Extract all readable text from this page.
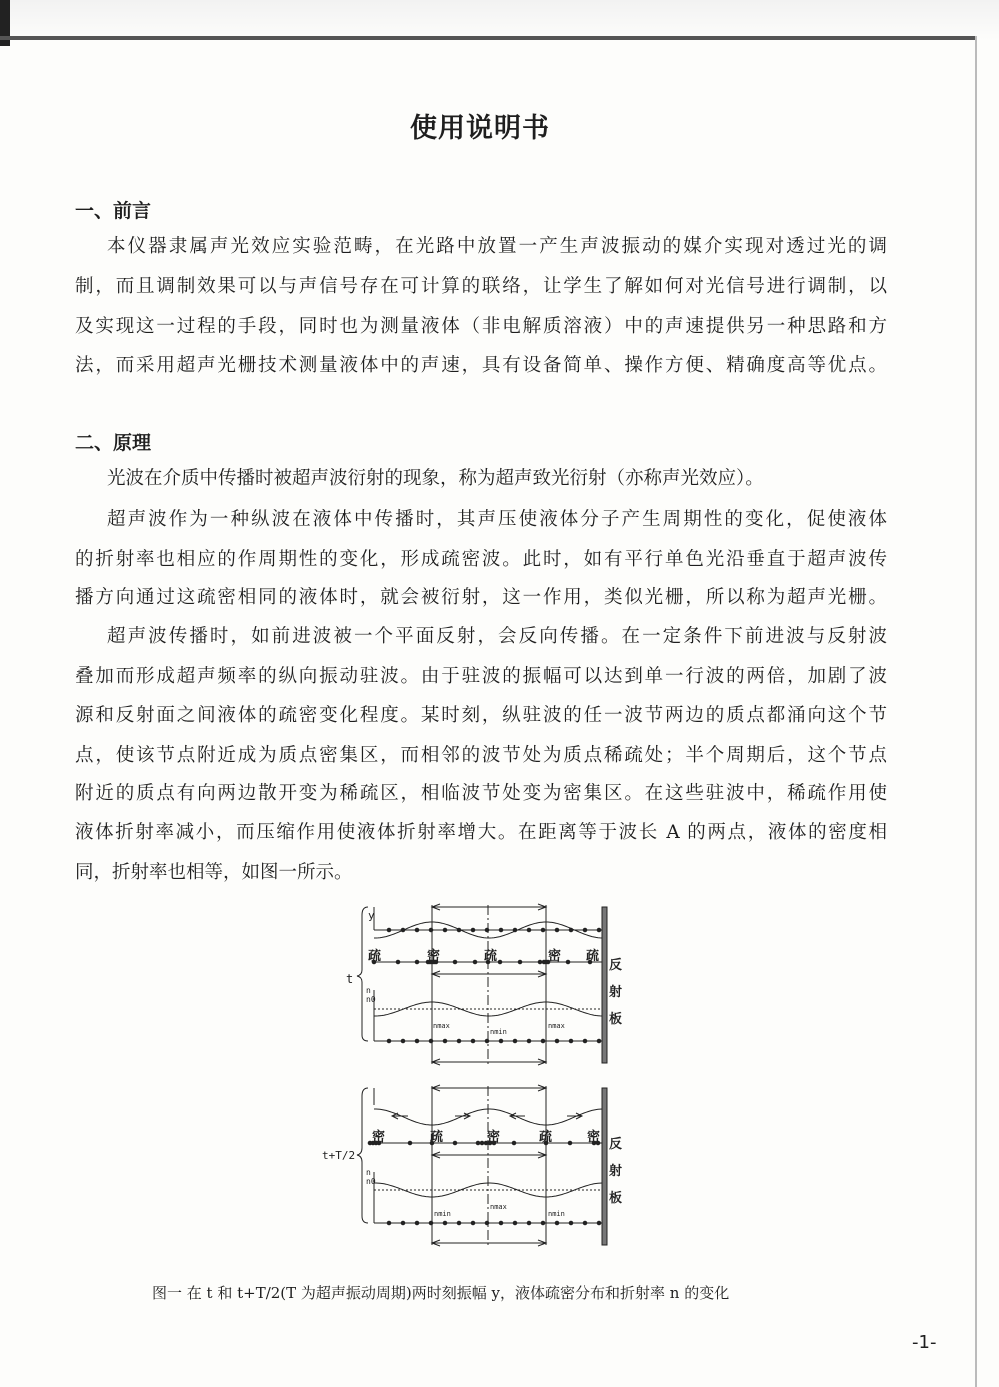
使用说明书
一、前言
本仪器隶属声光效应实验范畴，在光路中放置一产生声波振动的媒介实现对透过光的调
制，而且调制效果可以与声信号存在可计算的联络，让学生了解如何对光信号进行调制，以
及实现这一过程的手段，同时也为测量液体（非电解质溶液）中的声速提供另一种思路和方
法，而采用超声光栅技术测量液体中的声速，具有设备简单、操作方便、精确度高等优点。
二、原理
光波在介质中传播时被超声波衍射的现象，称为超声致光衍射（亦称声光效应）。
超声波作为一种纵波在液体中传播时，其声压使液体分子产生周期性的变化，促使液体
的折射率也相应的作周期性的变化，形成疏密波。此时，如有平行单色光沿垂直于超声波传
播方向通过这疏密相同的液体时，就会被衍射，这一作用，类似光栅，所以称为超声光栅。
超声波传播时，如前进波被一个平面反射，会反向传播。在一定条件下前进波与反射波
叠加而形成超声频率的纵向振动驻波。由于驻波的振幅可以达到单一行波的两倍，加剧了波
源和反射面之间液体的疏密变化程度。某时刻，纵驻波的任一波节两边的质点都涌向这个节
点，使该节点附近成为质点密集区，而相邻的波节处为质点稀疏处；半个周期后，这个节点
附近的质点有向两边散开变为稀疏区，相临波节处变为密集区。在这些驻波中，稀疏作用使
液体折射率减小，而压缩作用使液体折射率增大。在距离等于波长 A 的两点，液体的密度相
同，折射率也相等，如图一所示。
y
t
t+T/2
n
n0
n
n0
疏	密	疏	密 疏
密	疏	密	疏	密
nmax
nmin
nmax
nmin
nmax
nmin
反
射
板
反
射
板
图一 在 t 和 t+T/2(T 为超声振动周期)两时刻振幅 y，液体疏密分布和折射率 n 的变化
-1-
